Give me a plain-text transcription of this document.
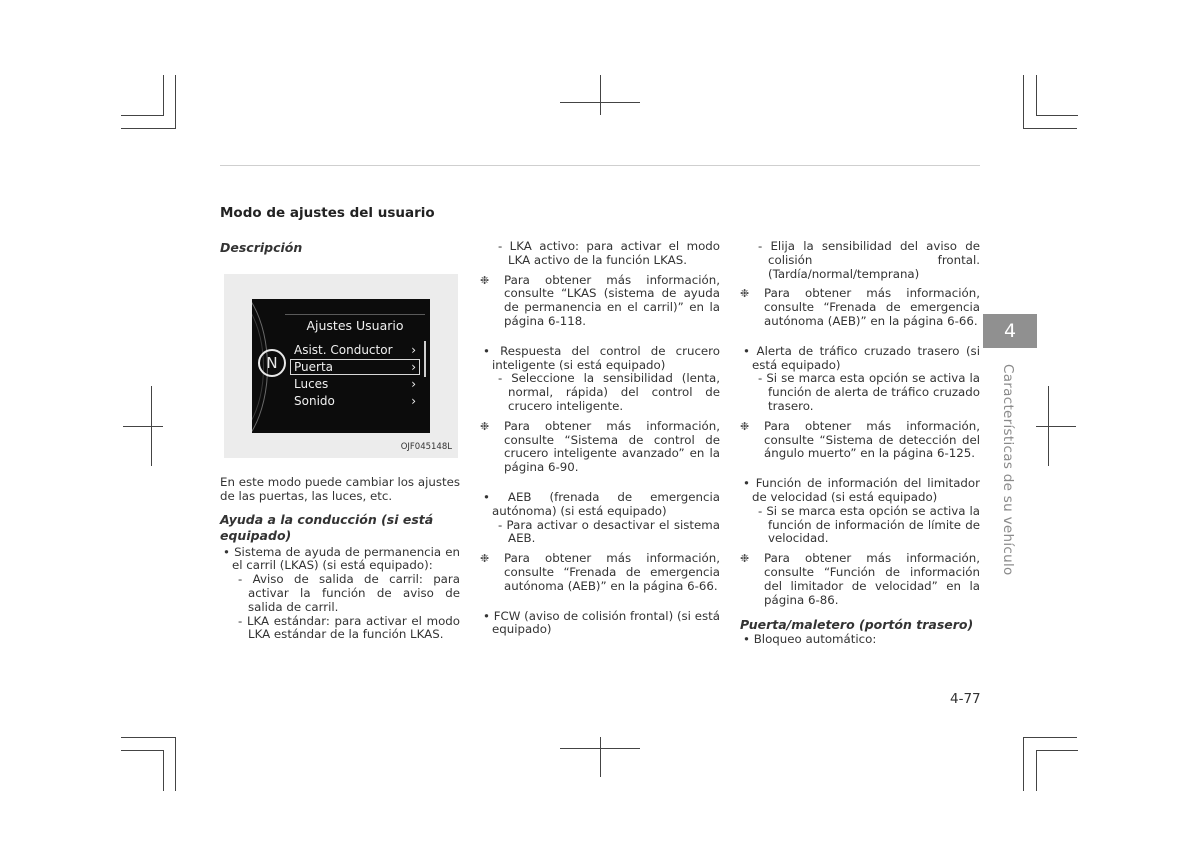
Modo de ajustes del usuario
Descripción
N
Ajustes Usuario
Asist. Conductor ›
Puerta	›
Luces	›
Sonido	›
OJF045148L

En este modo puede cambiar los ajustes de las puertas, las luces, etc.

Ayuda a la conducción (si está equipado)

• Sistema de ayuda de permanencia en el carril (LKAS) (si está equipado):

- Aviso de salida de carril: para activar la función de aviso de salida de carril.

- LKA estándar: para activar el modo LKA estándar de la función LKAS.

- LKA activo: para activar el modo LKA activo de la función LKAS.

❉ Para obtener más información, consulte “LKAS (sistema de ayuda de permanencia en el carril)” en la página 6-118.

• Respuesta del control de crucero inteligente (si está equipado)

- Seleccione la sensibilidad (lenta, normal, rápida) del control de crucero inteligente.

❉ Para obtener más información, consulte “Sistema de control de crucero inteligente avanzado” en la página 6-90.

• AEB (frenada de emergencia autónoma) (si está equipado)

- Para activar o desactivar el sistema AEB.

❉ Para obtener más información, consulte “Frenada de emergencia autónoma (AEB)” en la página 6-66.

• FCW (aviso de colisión frontal) (si está equipado)

- Elija la sensibilidad del aviso de colisión frontal. (Tardía/normal/temprana)

❉ Para obtener más información, consulte “Frenada de emergencia autónoma (AEB)” en la página 6-66.

• Alerta de tráfico cruzado trasero (si está equipado)

- Si se marca esta opción se activa la función de alerta de tráfico cruzado trasero.

❉ Para obtener más información, consulte “Sistema de detección del ángulo muerto” en la página 6-125.

• Función de información del limitador de velocidad (si está equipado)

- Si se marca esta opción se activa la función de información de límite de velocidad.

❉ Para obtener más información, consulte “Función de información del limitador de velocidad” en la página 6-86.

Puerta/maletero (portón trasero)

• Bloqueo automático:

4
Características de su vehículo
4-77
